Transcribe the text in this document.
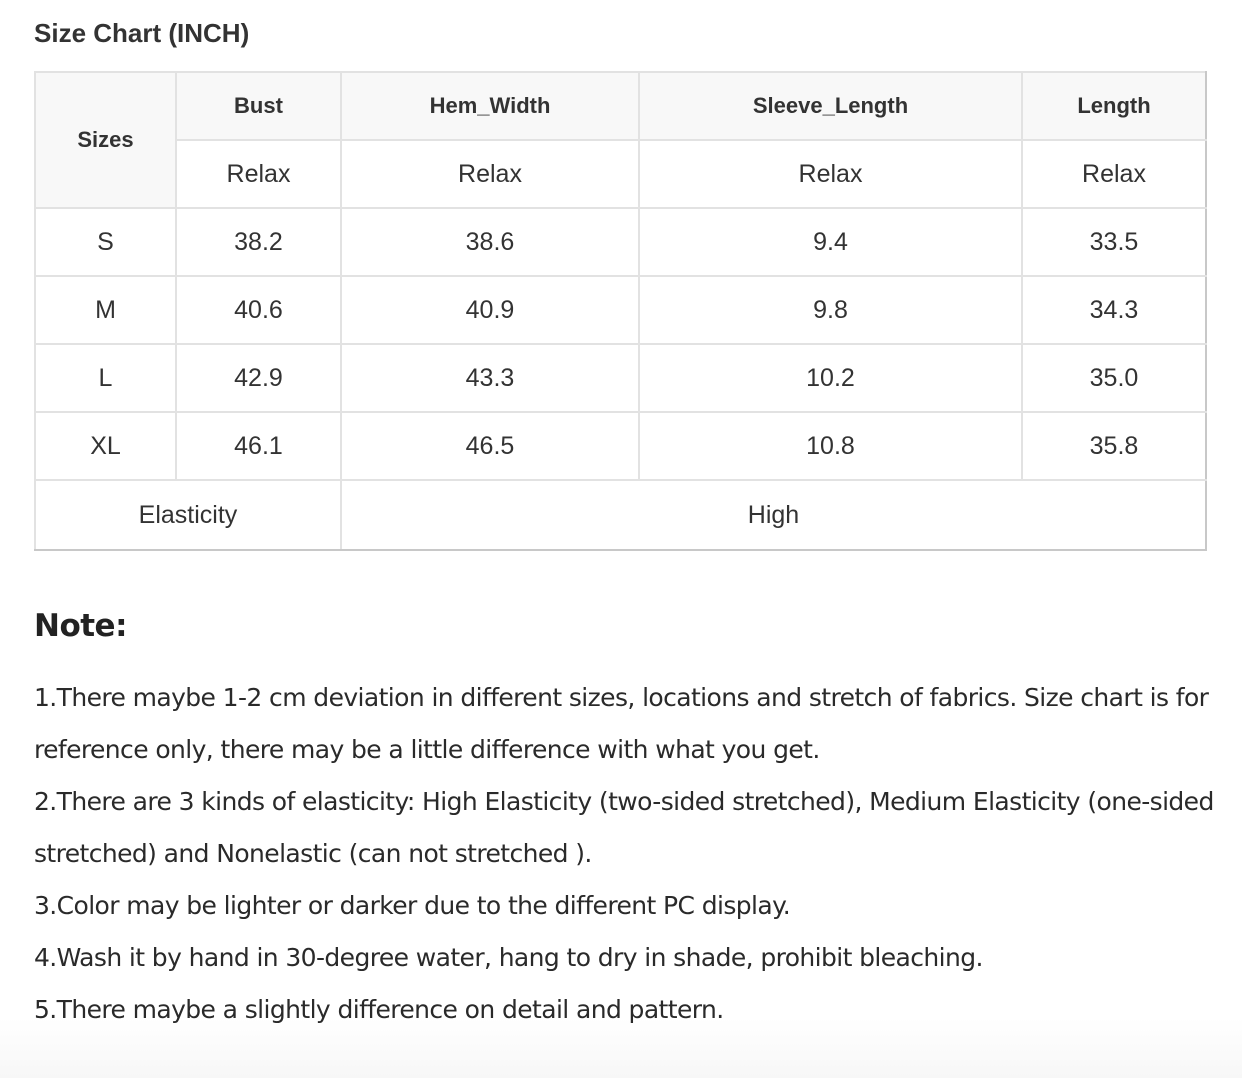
Size Chart (INCH)
Sizes	Bust	Hem_Width	Sleeve_Length	Length
	Relax	Relax	Relax	Relax
S	38.2	38.6	9.4	33.5
M	40.6	40.9	9.8	34.3
L	42.9	43.3	10.2	35.0
XL	46.1	46.5	10.8	35.8
Elasticity		High		
Note:

1.There maybe 1-2 cm deviation in different sizes, locations and stretch of fabrics. Size chart is for reference only, there may be a little difference with what you get.

2.There are 3 kinds of elasticity: High Elasticity (two-sided stretched), Medium Elasticity (one-sided stretched) and Nonelastic (can not stretched ).

3.Color may be lighter or darker due to the different PC display.

4.Wash it by hand in 30-degree water, hang to dry in shade, prohibit bleaching.

5.There maybe a slightly difference on detail and pattern.
